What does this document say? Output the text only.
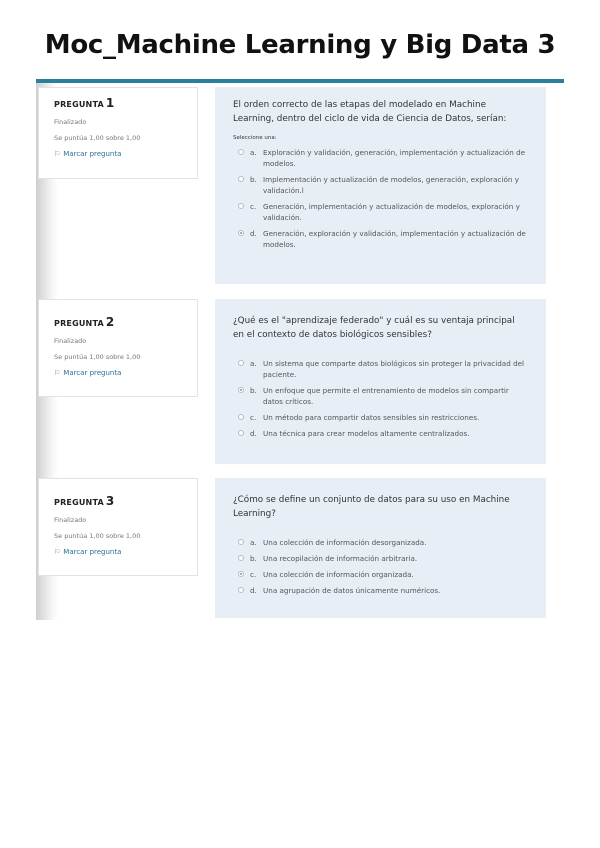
Moc_Machine Learning y Big Data 3
PREGUNTA 1
Finalizado
Se puntúa 1,00 sobre 1,00
⚐ Marcar pregunta
El orden correcto de las etapas del modelado en Machine Learning, dentro del ciclo de vida de Ciencia de Datos, serían:
Seleccione una:
a. Exploración y validación, generación, implementación y actualización de modelos.
b. Implementación y actualización de modelos, generación, exploración y validación.l
c. Generación, implementación y actualización de modelos, exploración y validación.
d. Generación, exploración y validación, implementación y actualización de modelos.
PREGUNTA 2
Finalizado
Se puntúa 1,00 sobre 1,00
⚐ Marcar pregunta
¿Qué es el "aprendizaje federado" y cuál es su ventaja principal en el contexto de datos biológicos sensibles?
a. Un sistema que comparte datos biológicos sin proteger la privacidad del paciente.
b. Un enfoque que permite el entrenamiento de modelos sin compartir datos críticos.
c. Un método para compartir datos sensibles sin restricciones.
d. Una técnica para crear modelos altamente centralizados.
PREGUNTA 3
Finalizado
Se puntúa 1,00 sobre 1,00
⚐ Marcar pregunta
¿Cómo se define un conjunto de datos para su uso en Machine Learning?
a. Una colección de información desorganizada.
b. Una recopilación de información arbitraria.
c. Una colección de información organizada.
d. Una agrupación de datos únicamente numéricos.
